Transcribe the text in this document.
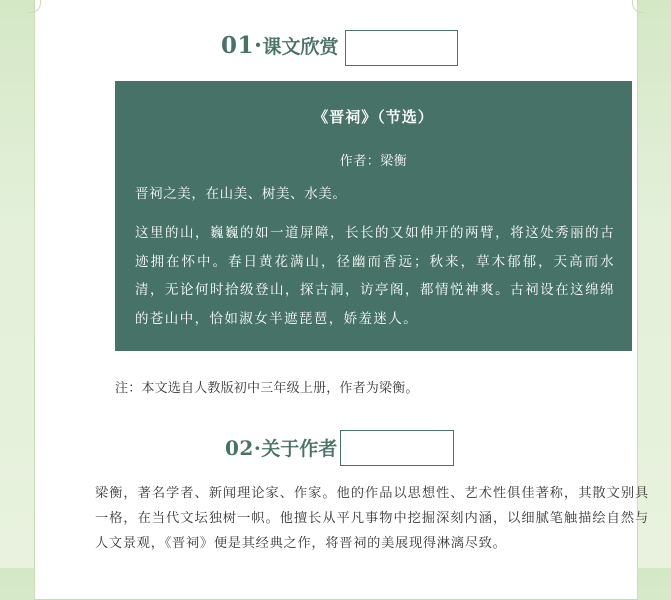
01·课文欣赏
《晋祠》（节选）
作者：梁衡
晋祠之美，在山美、树美、水美。
这里的山，巍巍的如一道屏障，长长的又如伸开的两臂，将这处秀丽的古迹拥在怀中。春日黄花满山，径幽而香远；秋来，草木郁郁，天高而水清，无论何时拾级登山，探古洞，访亭阁，都情悦神爽。古祠设在这绵绵的苍山中，恰如淑女半遮琵琶，娇羞迷人。
注：本文选自人教版初中三年级上册，作者为梁衡。
02·关于作者
梁衡，著名学者、新闻理论家、作家。他的作品以思想性、艺术性俱佳著称，其散文别具一格，在当代文坛独树一帜。他擅长从平凡事物中挖掘深刻内涵，以细腻笔触描绘自然与人文景观，《晋祠》便是其经典之作，将晋祠的美展现得淋漓尽致。
